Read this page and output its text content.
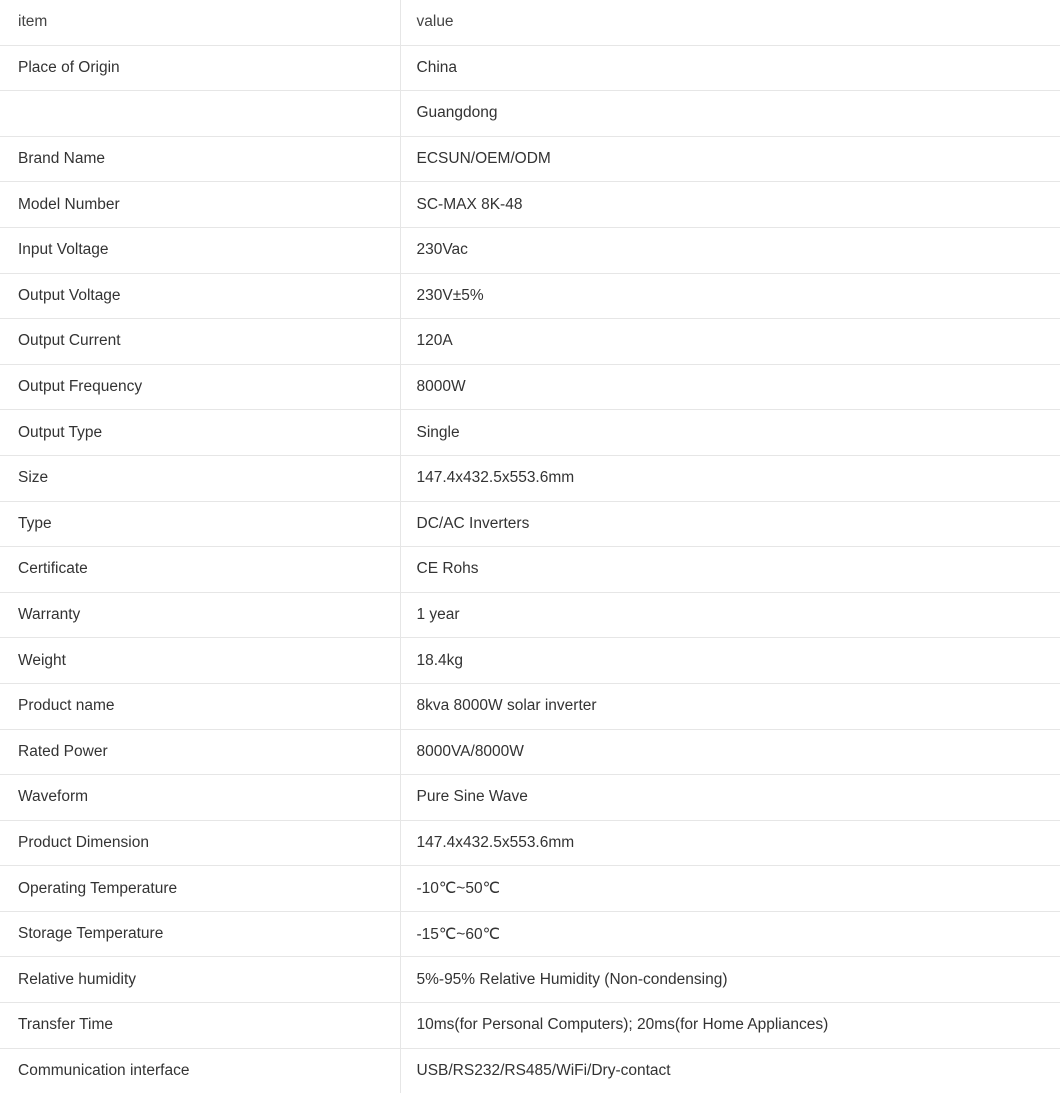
item	value
Place of Origin	China
	Guangdong
Brand Name	ECSUN/OEM/ODM
Model Number	SC-MAX 8K-48
Input Voltage	230Vac
Output Voltage	230V±5%
Output Current	120A
Output Frequency	8000W
Output Type	Single
Size	147.4x432.5x553.6mm
Type	DC/AC Inverters
Certificate	CE Rohs
Warranty	1 year
Weight	18.4kg
Product name	8kva 8000W solar inverter
Rated Power	8000VA/8000W
Waveform	Pure Sine Wave
Product Dimension	147.4x432.5x553.6mm
Operating Temperature	-10℃~50℃
Storage Temperature	-15℃~60℃
Relative humidity	5%-95% Relative Humidity (Non-condensing)
Transfer Time	10ms(for Personal Computers); 20ms(for Home Appliances)
Communication interface	USB/RS232/RS485/WiFi/Dry-contact
